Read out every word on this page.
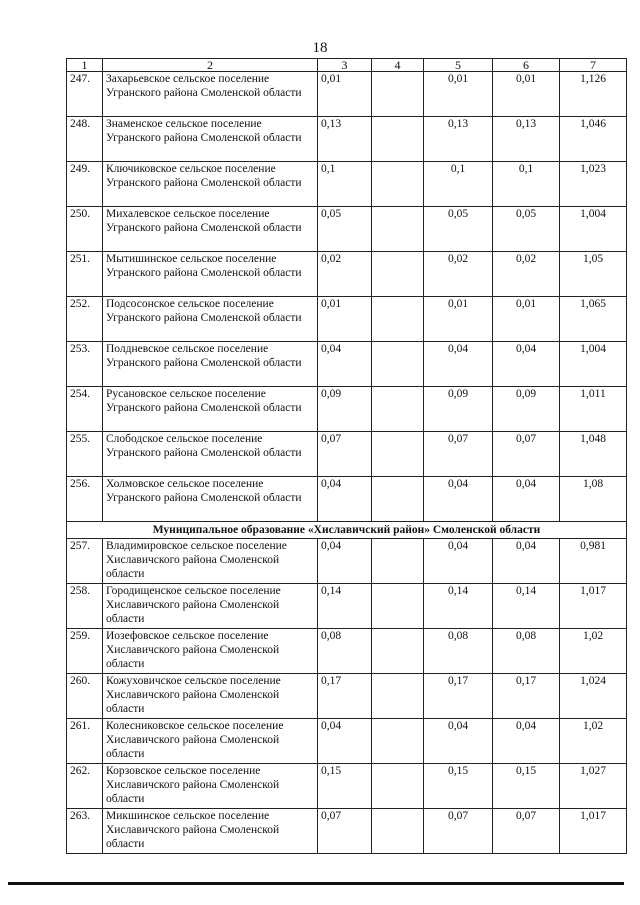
18
1	2	3	4	5	6	7
247.	Захарьевское сельское поселение Угранского района Смоленской области	0,01		0,01	0,01	1,126
248.	Знаменское сельское поселение Угранского района Смоленской области	0,13		0,13	0,13	1,046
249.	Ключиковское сельское поселение Угранского района Смоленской области	0,1		0,1	0,1	1,023
250.	Михалевское сельское поселение Угранского района Смоленской области	0,05		0,05	0,05	1,004
251.	Мытишинское сельское поселение Угранского района Смоленской области	0,02		0,02	0,02	1,05
252.	Подсосонское сельское поселение Угранского района Смоленской области	0,01		0,01	0,01	1,065
253.	Полдневское сельское поселение Угранского района Смоленской области	0,04		0,04	0,04	1,004
254.	Русановское сельское поселение Угранского района Смоленской области	0,09		0,09	0,09	1,011
255.	Слободское сельское поселение Угранского района Смоленской области	0,07		0,07	0,07	1,048
256.	Холмовское сельское поселение Угранского района Смоленской области	0,04		0,04	0,04	1,08
Муниципальное образование «Хиславичский район» Смоленской области						
257.	Владимировское сельское поселение Хиславичского района Смоленской области	0,04		0,04	0,04	0,981
258.	Городищенское сельское поселение Хиславичского района Смоленской области	0,14		0,14	0,14	1,017
259.	Иозефовское сельское поселение Хиславичского района Смоленской области	0,08		0,08	0,08	1,02
260.	Кожуховичское сельское поселение Хиславичского района Смоленской области	0,17		0,17	0,17	1,024
261.	Колесниковское сельское поселение Хиславичского района Смоленской области	0,04		0,04	0,04	1,02
262.	Корзовское сельское поселение Хиславичского района Смоленской области	0,15		0,15	0,15	1,027
263.	Микшинское сельское поселение Хиславичского района Смоленской области	0,07		0,07	0,07	1,017
